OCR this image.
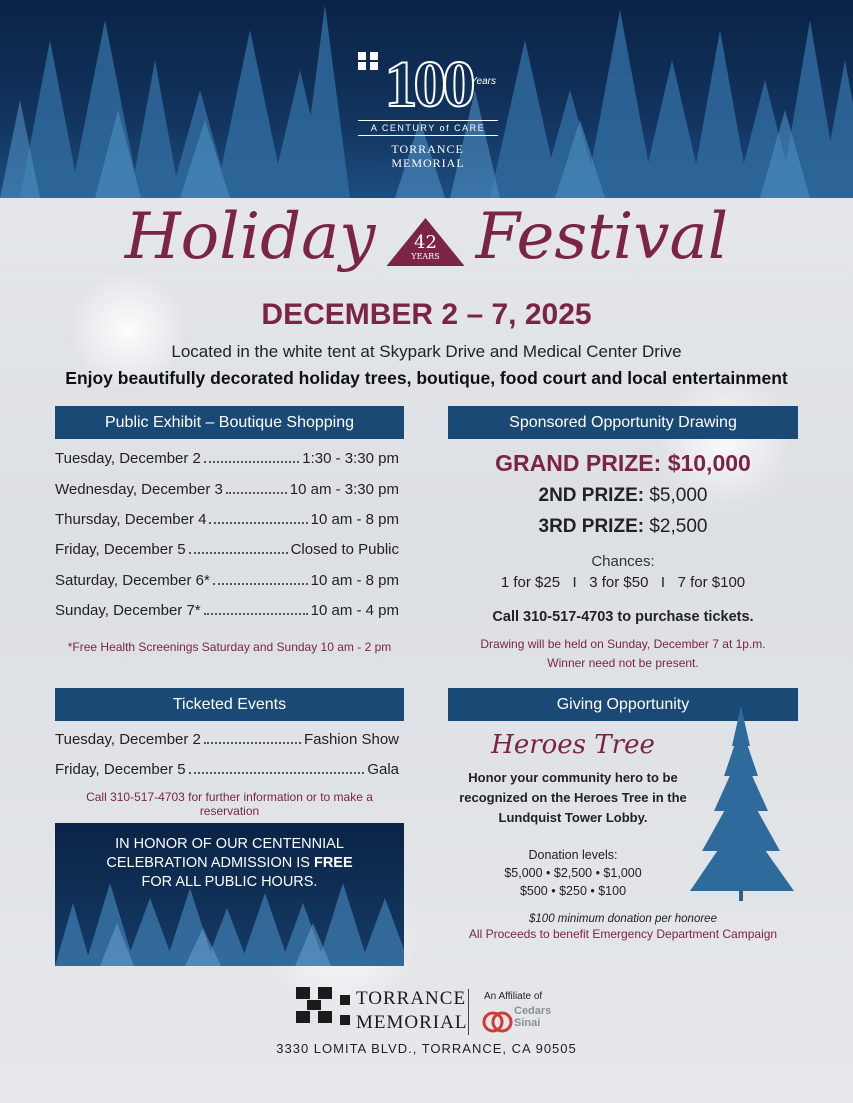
100
Years
A CENTURY of CARE
TORRANCE
MEMORIAL
Holiday	42
YEARS Festival
DECEMBER 2 – 7, 2025
Located in the white tent at Skypark Drive and Medical Center Drive
Enjoy beautifully decorated holiday trees, boutique, food court and local entertainment
Public Exhibit – Boutique Shopping
Tuesday, December 2	1:30 - 3:30 pm
Wednesday, December 3	10 am - 3:30 pm
Thursday, December 4	10 am - 8 pm
Friday, December 5	Closed to Public
Saturday, December 6*	10 am - 8 pm
Sunday, December 7*	10 am - 4 pm
*Free Health Screenings Saturday and Sunday 10 am - 2 pm
Sponsored Opportunity Drawing
GRAND PRIZE: $10,000
2ND PRIZE: $5,000
3RD PRIZE: $2,500
Chances:
1 for $25   I   3 for $50   I   7 for $100
Call 310-517-4703 to purchase tickets.
Drawing will be held on Sunday, December 7 at 1p.m.
Winner need not be present.
Ticketed Events
Tuesday, December 2	Fashion Show
Friday, December 5	Gala
Call 310-517-4703 for further information or to make a reservation
IN HONOR OF OUR CENTENNIAL
CELEBRATION ADMISSION IS FREE
FOR ALL PUBLIC HOURS.
Giving Opportunity
Heroes Tree
Honor your community hero to be
recognized on the Heroes Tree in the
Lundquist Tower Lobby.
Donation levels:
$5,000 • $2,500 • $1,000
$500 • $250 • $100
$100 minimum donation per honoree
All Proceeds to benefit Emergency Department Campaign
TORRANCE
MEMORIAL
An Affiliate of
Cedars
Sinai
3330 LOMITA BLVD., TORRANCE, CA 90505
